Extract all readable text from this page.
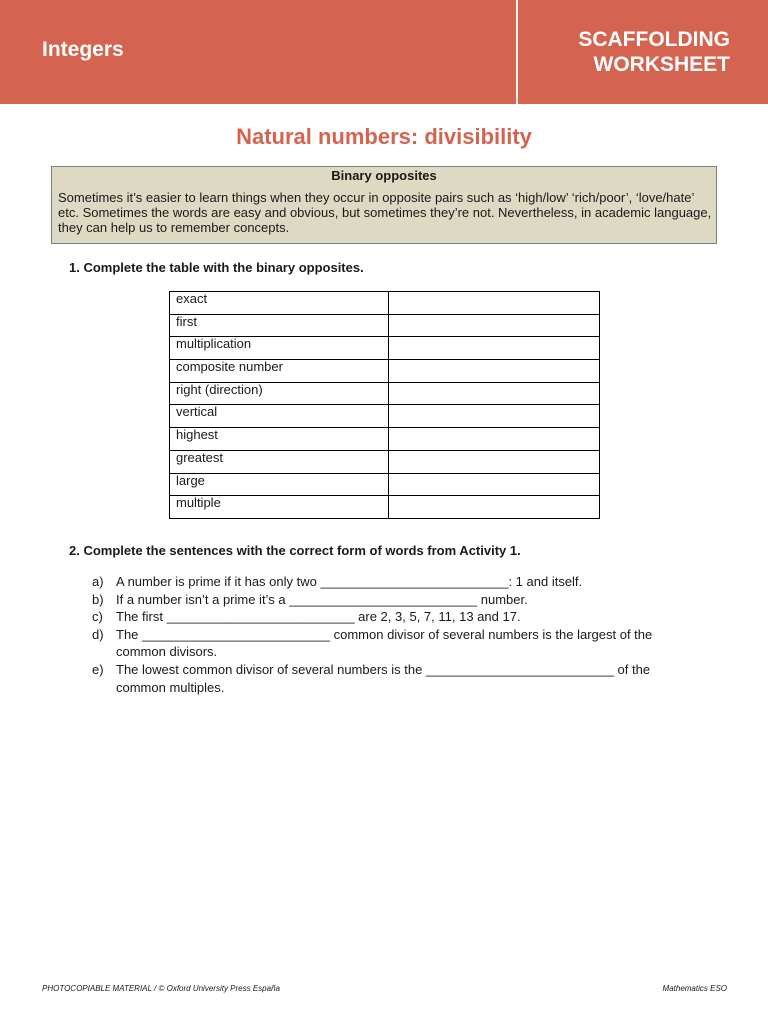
Integers	SCAFFOLDING
WORKSHEET
Natural numbers: divisibility
Binary opposites
Sometimes it’s easier to learn things when they occur in opposite pairs such as ‘high/low’ ‘rich/poor’, ‘love/hate’ etc. Sometimes the words are easy and obvious, but sometimes they’re not. Nevertheless, in academic language, they can help us to remember concepts.
1. Complete the table with the binary opposites.
exact	
first	
multiplication	
composite number	
right (direction)	
vertical	
highest	
greatest	
large	
multiple	
2. Complete the sentences with the correct form of words from Activity 1.
a) A number is prime if it has only two __________________________: 1 and itself.
b) If a number isn’t a prime it’s a __________________________ number.
c) The first __________________________ are 2, 3, 5, 7, 11, 13 and 17.
d) The __________________________ common divisor of several numbers is the largest of the common divisors.
e) The lowest common divisor of several numbers is the __________________________ of the common multiples.
PHOTOCOPIABLE MATERIAL / © Oxford University Press España	Mathematics ESO
